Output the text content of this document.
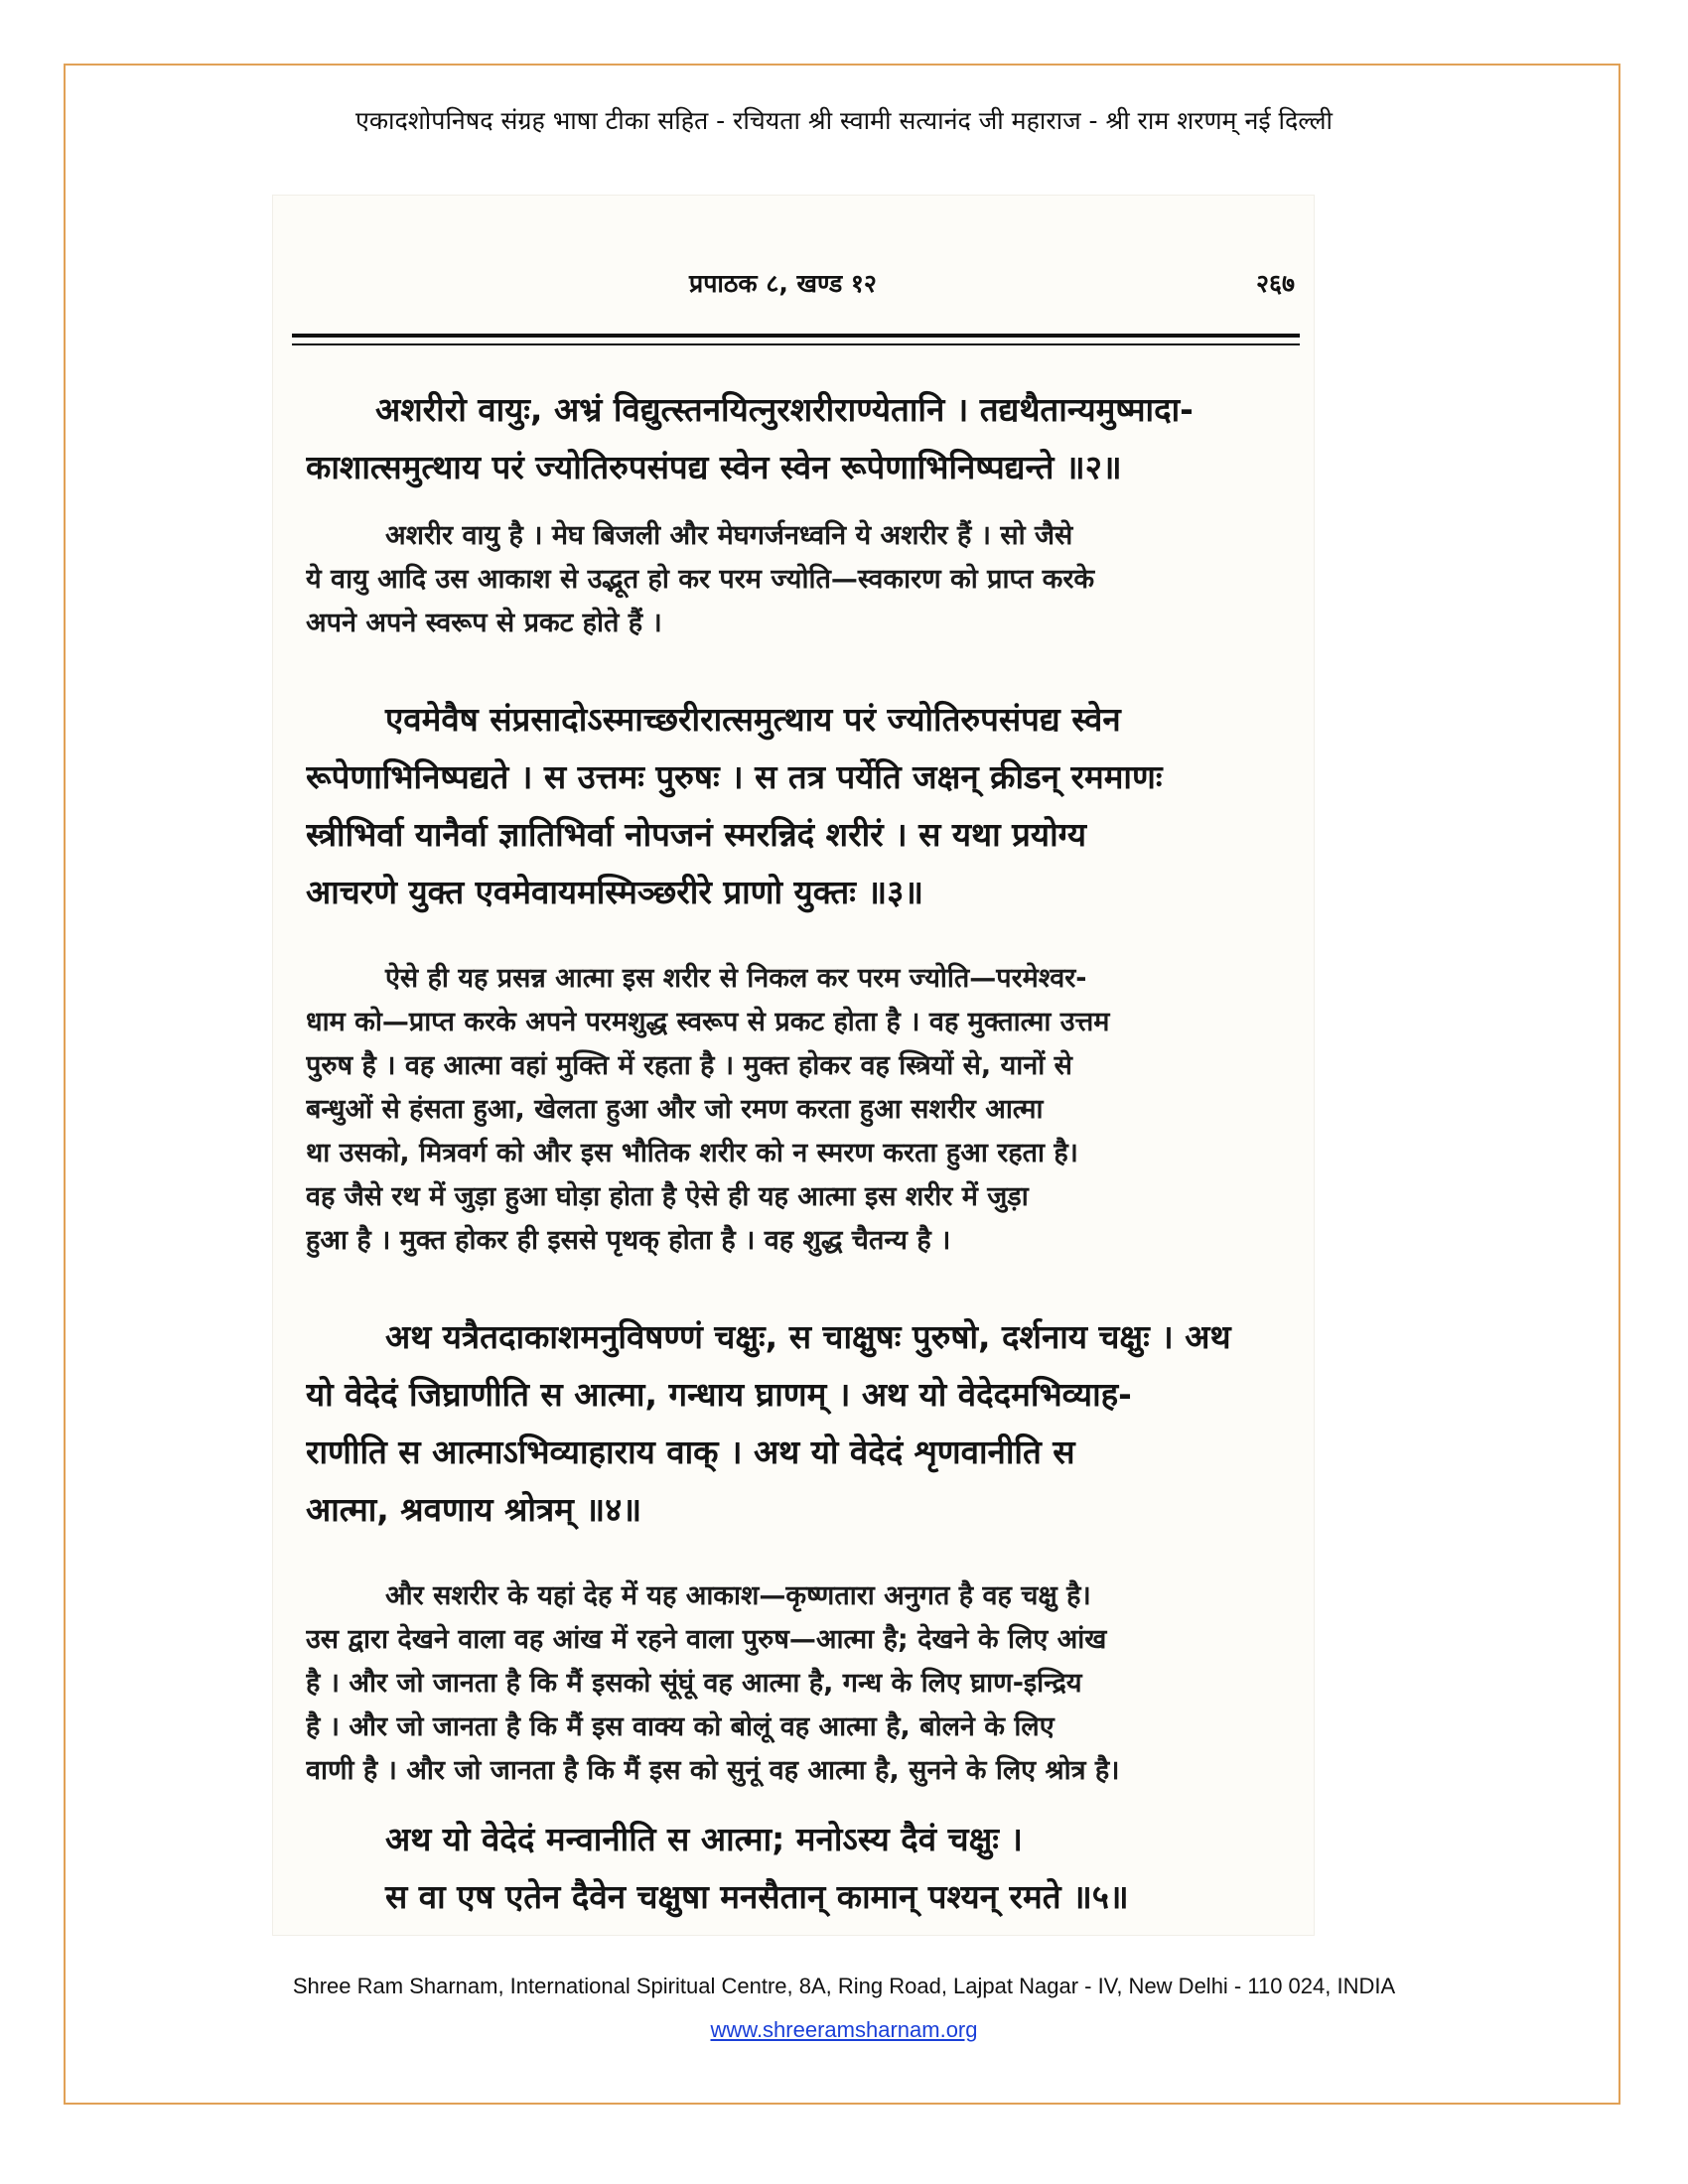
एकादशोपनिषद संग्रह भाषा टीका सहित - रचियता श्री स्वामी सत्यानंद जी महाराज - श्री राम शरणम् नई दिल्ली
प्रपाठक ८, खण्ड १२	२६७
अशरीरो वायुः, अभ्रं विद्युत्स्तनयित्नुरशरीराण्येतानि । तद्यथैतान्यमुष्मादा-
काशात्समुत्थाय परं ज्योतिरुपसंपद्य स्वेन स्वेन रूपेणाभिनिष्पद्यन्ते ॥२॥
अशरीर वायु है । मेघ बिजली और मेघगर्जनध्वनि ये अशरीर हैं । सो जैसे
ये वायु आदि उस आकाश से उद्भूत हो कर परम ज्योति—स्वकारण को प्राप्त करके
अपने अपने स्वरूप से प्रकट होते हैं ।
एवमेवैष संप्रसादोऽस्माच्छरीरात्समुत्थाय परं ज्योतिरुपसंपद्य स्वेन
रूपेणाभिनिष्पद्यते । स उत्तमः पुरुषः । स तत्र पर्येति जक्षन् क्रीडन् रममाणः
स्त्रीभिर्वा यानैर्वा ज्ञातिभिर्वा नोपजनं स्मरन्निदं शरीरं । स यथा प्रयोग्य
आचरणे युक्त एवमेवायमस्मिञ्छरीरे प्राणो युक्तः ॥३॥
ऐसे ही यह प्रसन्न आत्मा इस शरीर से निकल कर परम ज्योति—परमेश्वर-
धाम को—प्राप्त करके अपने परमशुद्ध स्वरूप से प्रकट होता है । वह मुक्तात्मा उत्तम
पुरुष है । वह आत्मा वहां मुक्ति में रहता है । मुक्त होकर वह स्त्रियों से, यानों से
बन्धुओं से हंसता हुआ, खेलता हुआ और जो रमण करता हुआ सशरीर आत्मा
था उसको, मित्रवर्ग को और इस भौतिक शरीर को न स्मरण करता हुआ रहता है।
वह जैसे रथ में जुड़ा हुआ घोड़ा होता है ऐसे ही यह आत्मा इस शरीर में जुड़ा
हुआ है । मुक्त होकर ही इससे पृथक् होता है । वह शुद्ध चैतन्य है ।
अथ यत्रैतदाकाशमनुविषण्णं चक्षुः, स चाक्षुषः पुरुषो, दर्शनाय चक्षुः । अथ
यो वेदेदं जिघ्राणीति स आत्मा, गन्धाय घ्राणम् । अथ यो वेदेदमभिव्याह-
राणीति स आत्माऽभिव्याहाराय वाक् । अथ यो वेदेदं शृणवानीति स
आत्मा, श्रवणाय श्रोत्रम् ॥४॥
और सशरीर के यहां देह में यह आकाश—कृष्णतारा अनुगत है वह चक्षु है।
उस द्वारा देखने वाला वह आंख में रहने वाला पुरुष—आत्मा है; देखने के लिए आंख
है । और जो जानता है कि मैं इसको सूंघूं वह आत्मा है, गन्ध के लिए घ्राण-इन्द्रिय
है । और जो जानता है कि मैं इस वाक्य को बोलूं वह आत्मा है, बोलने के लिए
वाणी है । और जो जानता है कि मैं इस को सुनूं वह आत्मा है, सुनने के लिए श्रोत्र है।
अथ यो वेदेदं मन्वानीति स आत्मा; मनोऽस्य दैवं चक्षुः ।
स वा एष एतेन दैवेन चक्षुषा मनसैतान् कामान् पश्यन् रमते ॥५॥
Shree Ram Sharnam, International Spiritual Centre, 8A, Ring Road, Lajpat Nagar - IV, New Delhi - 110 024, INDIA
www.shreeramsharnam.org
